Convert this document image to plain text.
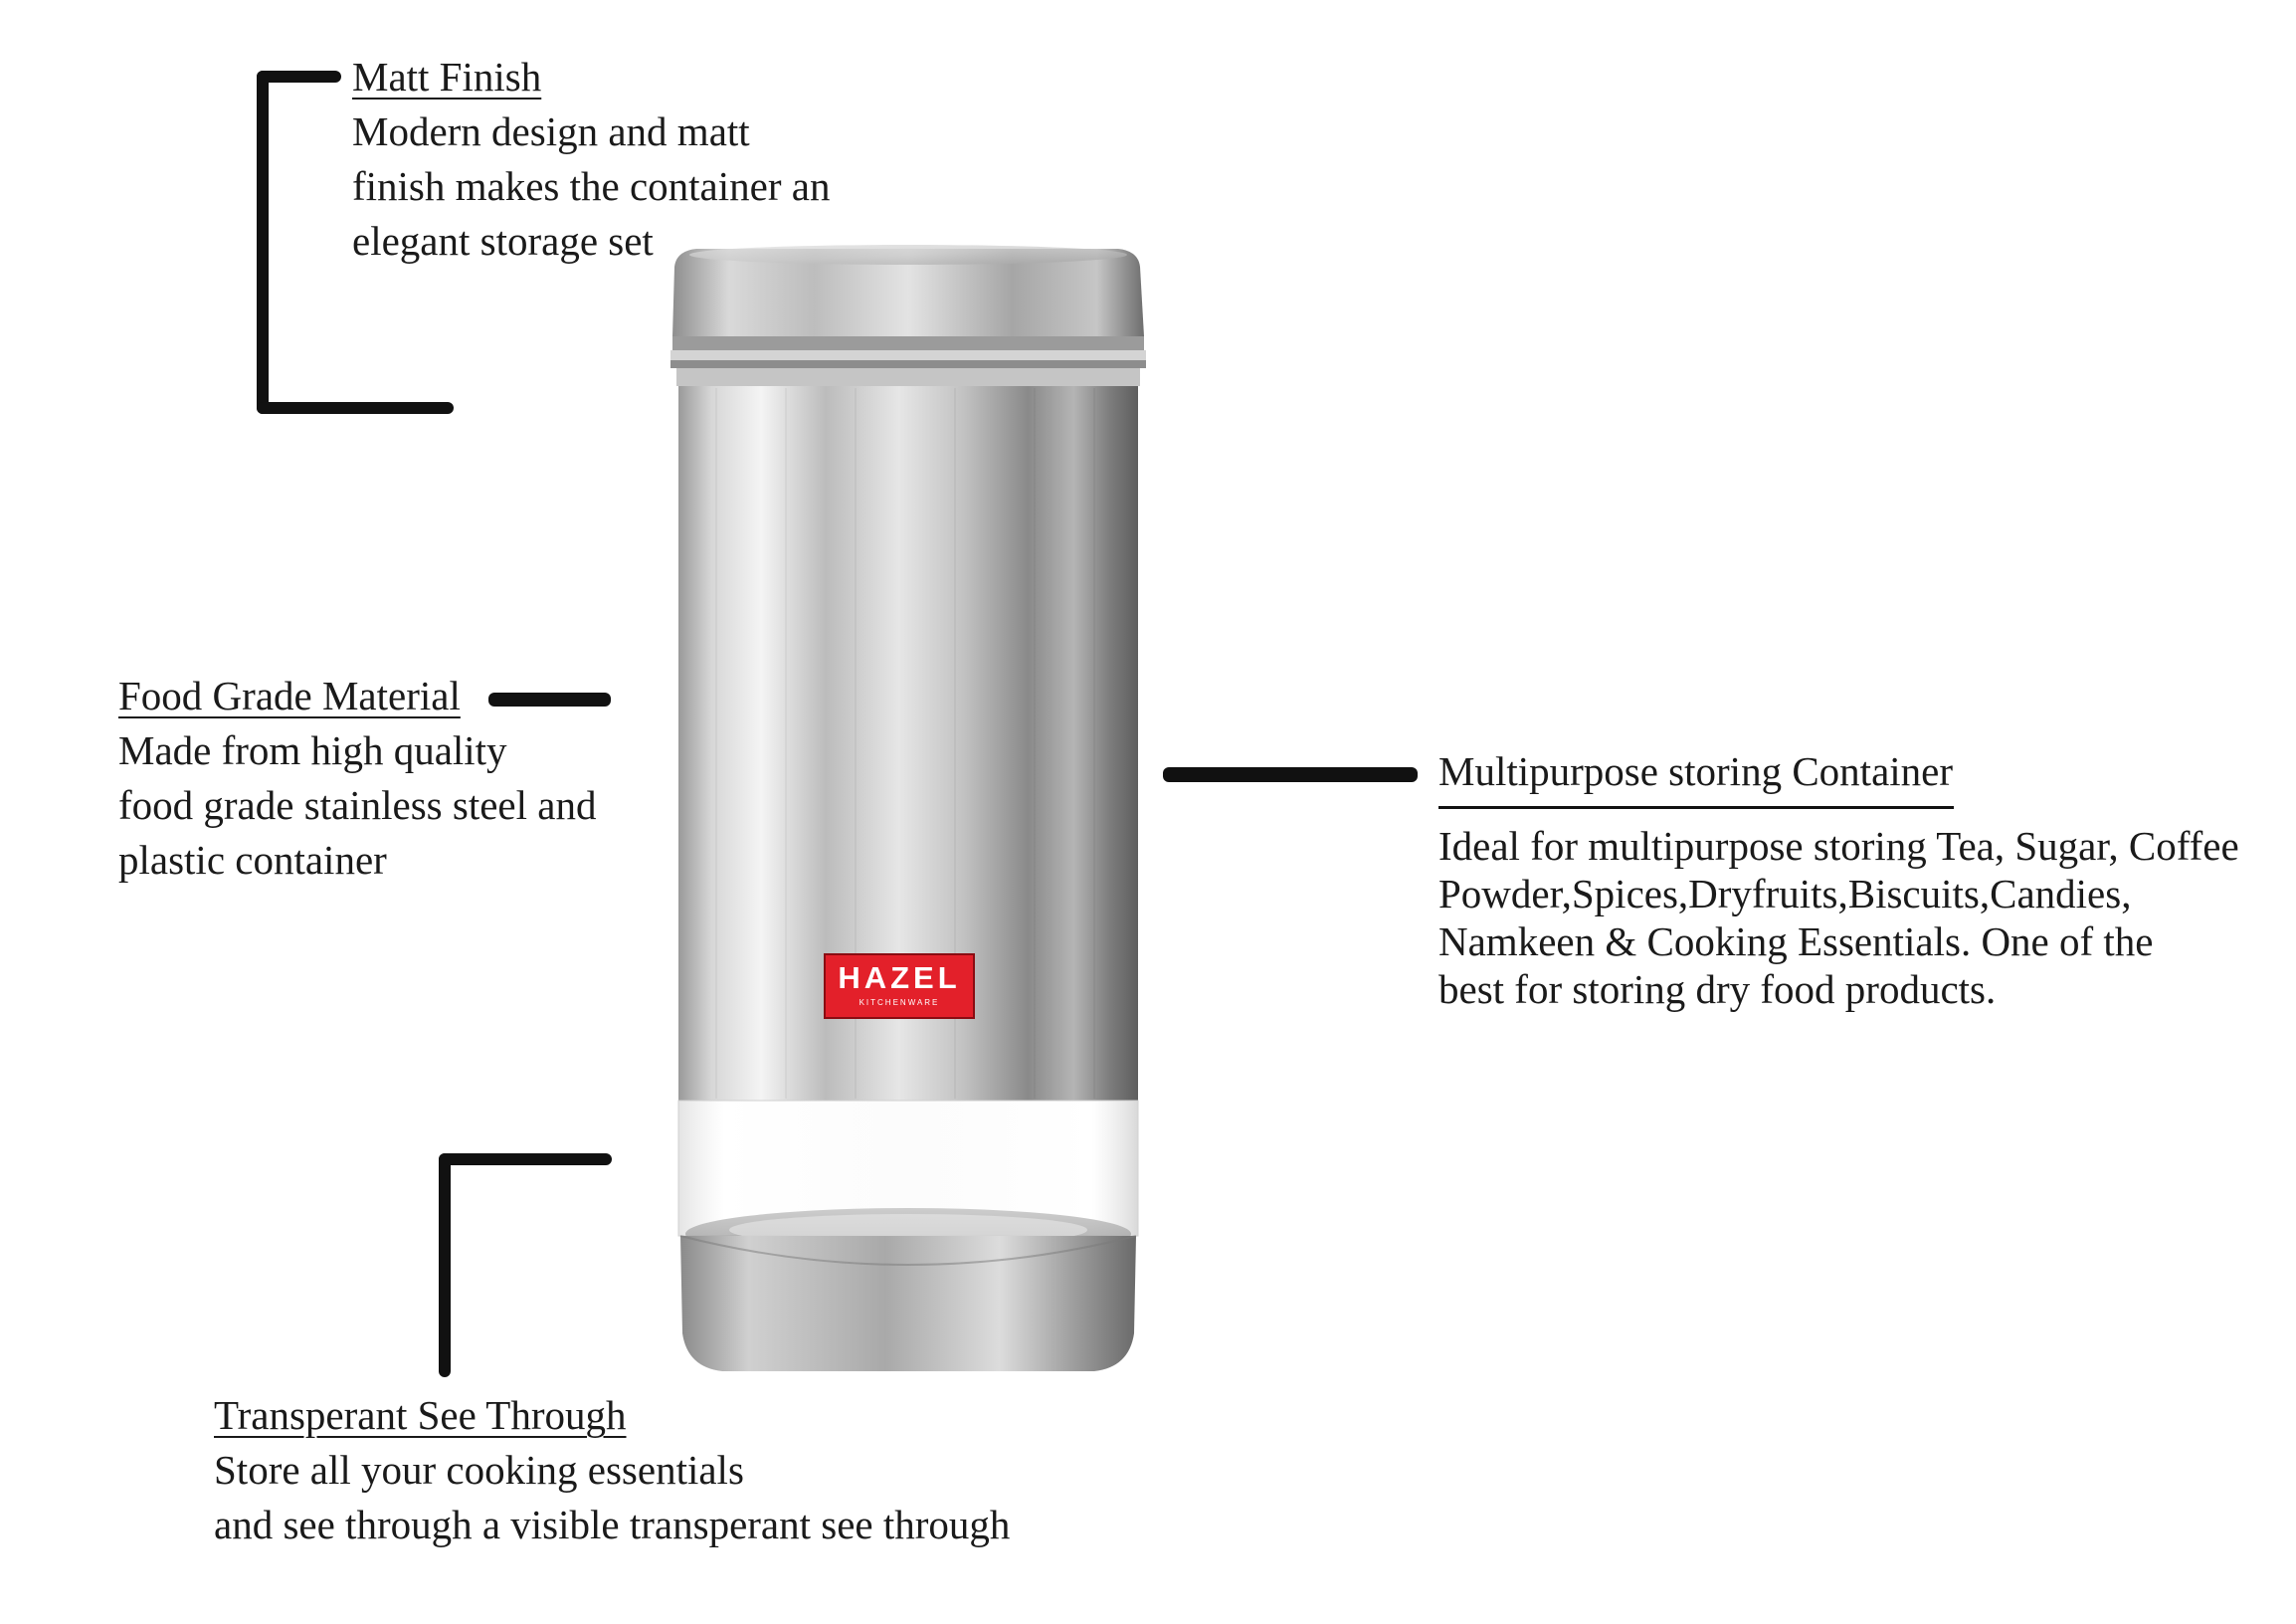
HAZEL
KITCHENWARE
Matt Finish
Modern design and matt
finish makes the container an
elegant storage set
Food Grade Material
Made from high quality
food grade stainless steel and
plastic container
Multipurpose storing Container
Ideal for multipurpose storing Tea, Sugar, Coffee
Powder,Spices,Dryfruits,Biscuits,Candies,
Namkeen & Cooking Essentials. One of the
best for storing dry food products.
Transperant See Through
Store all your cooking essentials
and see through a visible transperant see through
